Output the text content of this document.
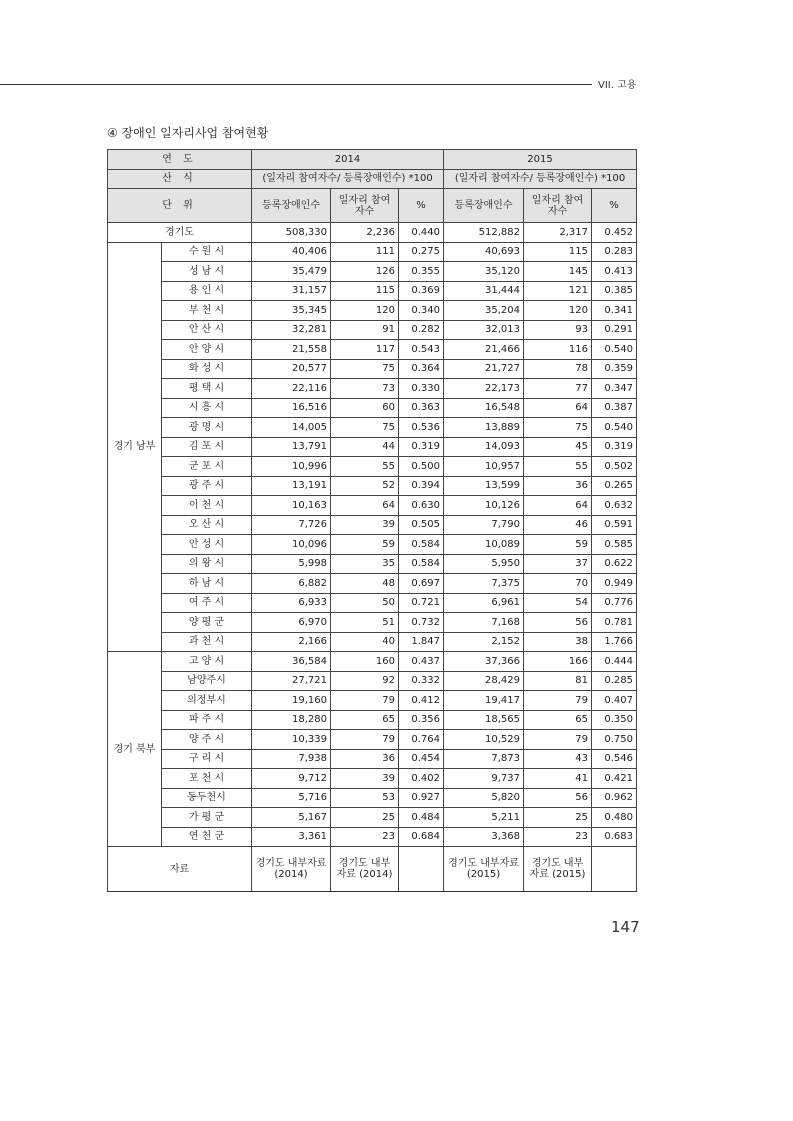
VII. 고용
④ 장애인 일자리사업 참여현황
연 도		2014			2015		
산 식		(일자리 참여자수/ 등록장애인수) *100			(일자리 참여자수/ 등록장애인수) *100		
단 위		등록장애인수	일자리 참여자수	%	등록장애인수	일자리 참여자수	%
경기도		508,330	2,236	0.440	512,882	2,317	0.452
경기 남부	수 원 시	40,406	111	0.275	40,693	115	0.283
	성 남 시	35,479	126	0.355	35,120	145	0.413
	용 인 시	31,157	115	0.369	31,444	121	0.385
	부 천 시	35,345	120	0.340	35,204	120	0.341
	안 산 시	32,281	91	0.282	32,013	93	0.291
	안 양 시	21,558	117	0.543	21,466	116	0.540
	화 성 시	20,577	75	0.364	21,727	78	0.359
	평 택 시	22,116	73	0.330	22,173	77	0.347
	시 흥 시	16,516	60	0.363	16,548	64	0.387
	광 명 시	14,005	75	0.536	13,889	75	0.540
	김 포 시	13,791	44	0.319	14,093	45	0.319
	군 포 시	10,996	55	0.500	10,957	55	0.502
	광 주 시	13,191	52	0.394	13,599	36	0.265
	이 천 시	10,163	64	0.630	10,126	64	0.632
	오 산 시	7,726	39	0.505	7,790	46	0.591
	안 성 시	10,096	59	0.584	10,089	59	0.585
	의 왕 시	5,998	35	0.584	5,950	37	0.622
	하 남 시	6,882	48	0.697	7,375	70	0.949
	여 주 시	6,933	50	0.721	6,961	54	0.776
	양 평 군	6,970	51	0.732	7,168	56	0.781
	과 천 시	2,166	40	1.847	2,152	38	1.766
경기 북부	고 양 시	36,584	160	0.437	37,366	166	0.444
	남양주시	27,721	92	0.332	28,429	81	0.285
	의정부시	19,160	79	0.412	19,417	79	0.407
	파 주 시	18,280	65	0.356	18,565	65	0.350
	양 주 시	10,339	79	0.764	10,529	79	0.750
	구 리 시	7,938	36	0.454	7,873	43	0.546
	포 천 시	9,712	39	0.402	9,737	41	0.421
	동두천시	5,716	53	0.927	5,820	56	0.962
	가 평 군	5,167	25	0.484	5,211	25	0.480
	연 천 군	3,361	23	0.684	3,368	23	0.683
자료		경기도 내부자료 (2014)	경기도 내부자료 (2014)		경기도 내부자료 (2015)	경기도 내부자료 (2015)	
147
